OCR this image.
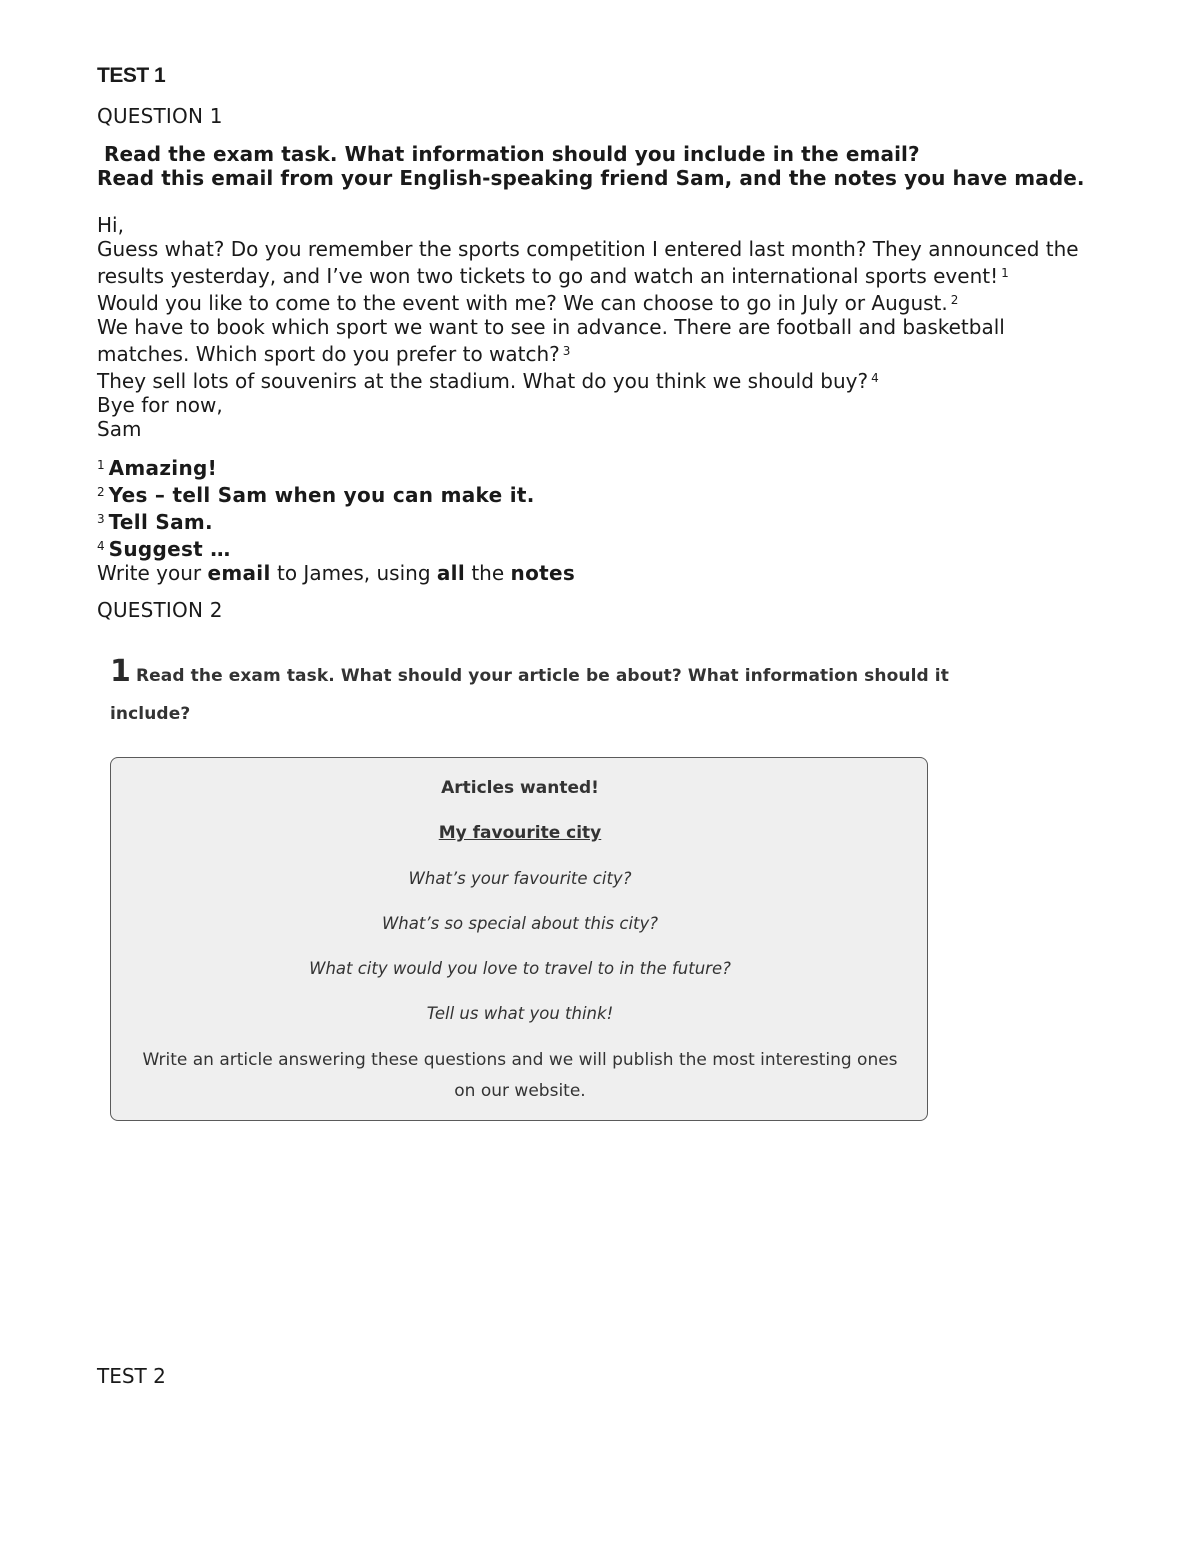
TEST 1
QUESTION 1
Read the exam task. What information should you include in the email?
Read this email from your English-speaking friend Sam, and the notes you have made.

Hi,

Guess what? Do you remember the sports competition I entered last month? They announced the

results yesterday, and I’ve won two tickets to go and watch an international sports event! $^1$

Would you like to come to the event with me? We can choose to go in July or August. $^2$

We have to book which sport we want to see in advance. There are football and basketball

matches. Which sport do you prefer to watch? $^3$

They sell lots of souvenirs at the stadium. What do you think we should buy? $^4$

Bye for now,

Sam

$^1$ Amazing!

$^2$ Yes – tell Sam when you can make it.

$^3$ Tell Sam.

$^4$ Suggest …

Write your email to James, using all the notes

QUESTION 2
1 Read the exam task. What should your article be about? What information should it
include?
Articles wanted!
My favourite city
What’s your favourite city?
What’s so special about this city?
What city would you love to travel to in the future?
Tell us what you think!
Write an article answering these questions and we will publish the most interesting ones
on our website.
TEST 2
